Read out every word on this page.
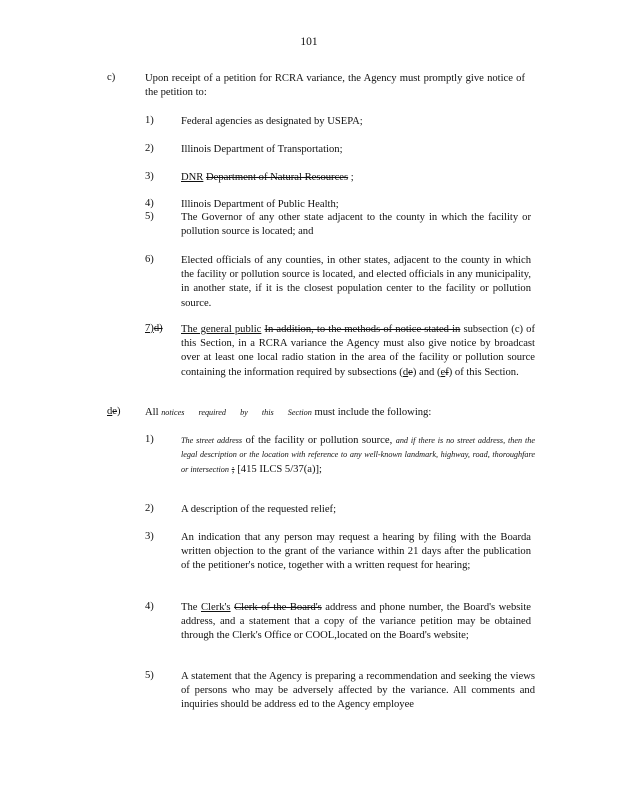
101
c)	Upon receipt of a petition for RCRA variance, the Agency must promptly give notice of the petition to:
1)	Federal agencies as designated by USEPA;
2)	Illinois Department of Transportation;
3)	DNR Department of Natural Resources ;
4)	Illinois Department of Public Health;
5)	The Governor of any other state adjacent to the county in which the facility or pollution source is located; and
6)	Elected officials of any counties, in other states, adjacent to the county in which the facility or pollution source is located, and elected officials in any municipality, in another state, if it is the closest population center to the facility or pollution source.
7)d)	The general public In addition, to the methods of notice stated in subsection (c) of this Section, in a RCRA variance the Agency must also give notice by broadcast over at least one local radio station in the area of the facility or pollution source containing the information required by subsections (de) and (ef) of this Section.
de)	All notices required by this Section must include the following:
1)	The street address of the facility or pollution source, and if there is no street address, then the legal description or the location with reference to any well-known landmark, highway, road, thoroughfare or intersection ; [415 ILCS 5/37(a)];
2)	A description of the requested relief;
3)	An indication that any person may request a hearing by filing with the Boarda written objection to the grant of the variance within 21 days after the publication of the petitioner's notice, together with a written request for hearing;
4)	The Clerk's Clerk of the Board's address and phone number, the Board's website address, and a statement that a copy of the variance petition may be obtained through the Clerk's Office or COOL,located on the Board's website;
5)	A statement that the Agency is preparing a recommendation and seeking the views of persons who may be adversely affected by the variance. All comments and inquiries should be address ed to the Agency employee
